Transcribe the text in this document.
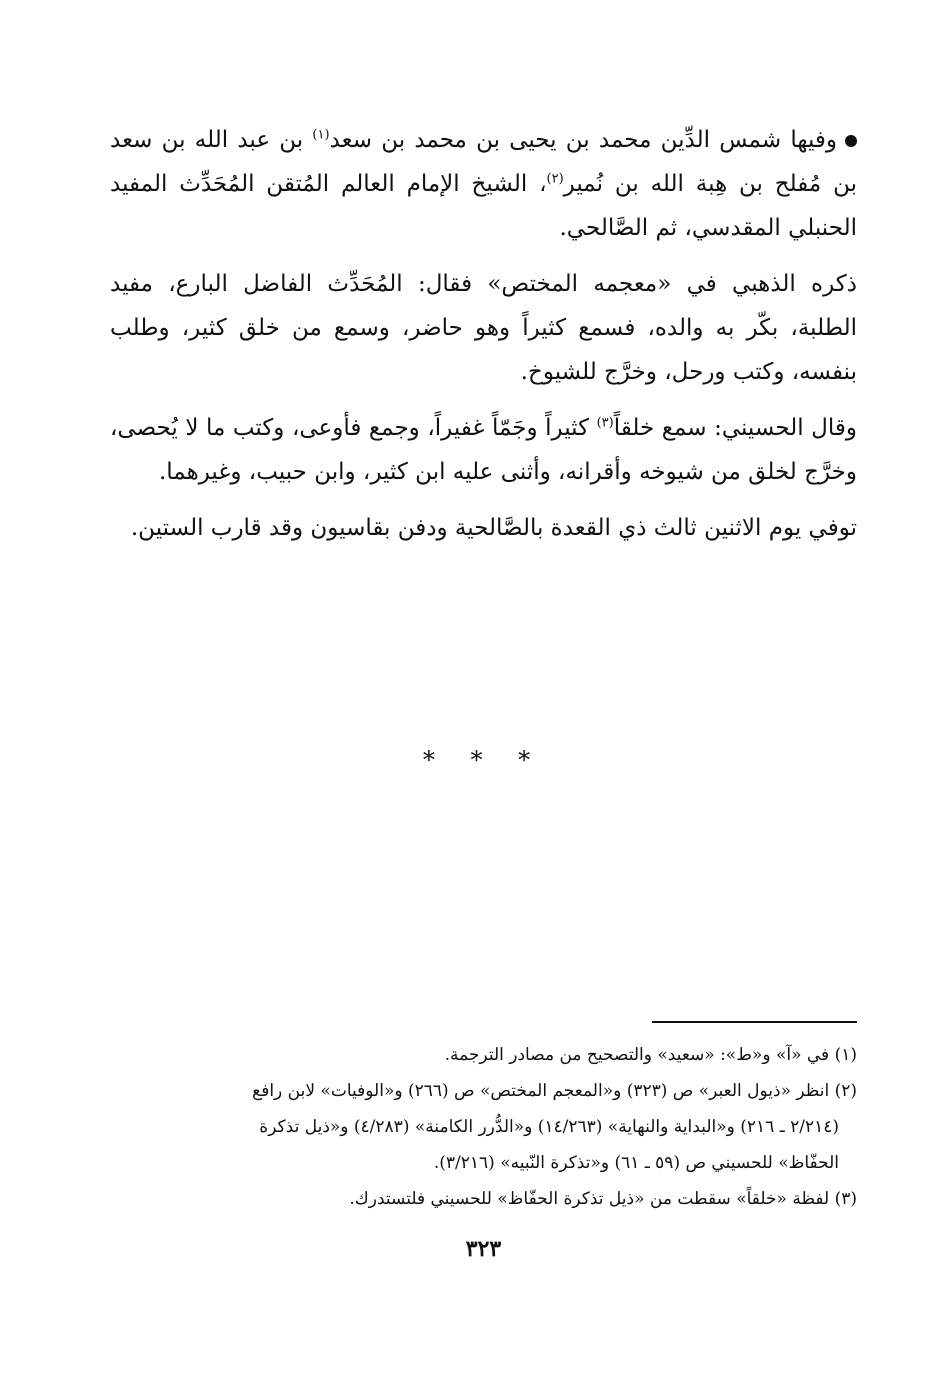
وفيها شمس الدِّين محمد بن يحيى بن محمد بن سعد$^{(١)}$ بن عبد الله بن سعد بن مُفلح بن هِبة الله بن نُمير$^{(٢)}$، الشيخ الإمام العالم المُتقن المُحَدِّث المفيد الحنبلي المقدسي، ثم الصَّالحي.

ذكره الذهبي في «معجمه المختص» فقال: المُحَدِّث الفاضل البارع، مفيد الطلبة، بكّر به والده، فسمع كثيراً وهو حاضر، وسمع من خلق كثير، وطلب بنفسه، وكتب ورحل، وخرَّج للشيوخ.

وقال الحسيني: سمع خلقاً$^{(٣)}$ كثيراً وجَمّاً غفيراً، وجمع فأوعى، وكتب ما لا يُحصى، وخرَّج لخلق من شيوخه وأقرانه، وأثنى عليه ابن كثير، وابن حبيب، وغيرهما.

توفي يوم الاثنين ثالث ذي القعدة بالصَّالحية ودفن بقاسيون وقد قارب الستين.

* * *

(١) في «آ» و«ط»: «سعيد» والتصحيح من مصادر الترجمة.

(٢) انظر «ذيول العبر» ص (٣٢٣) و«المعجم المختص» ص (٢٦٦) و«الوفيات» لابن رافع

(٢/٢١٤ ـ ٢١٦) و«البداية والنهاية» (١٤/٢٦٣) و«الدُّرر الكامنة» (٤/٢٨٣) و«ذيل تذكرة

الحفّاظ» للحسيني ص (٥٩ ـ ٦١) و«تذكرة النّبيه» (٣/٢١٦).

(٣) لفظة «خلقاً» سقطت من «ذيل تذكرة الحفّاظ» للحسيني فلتستدرك.

٣٢٣
